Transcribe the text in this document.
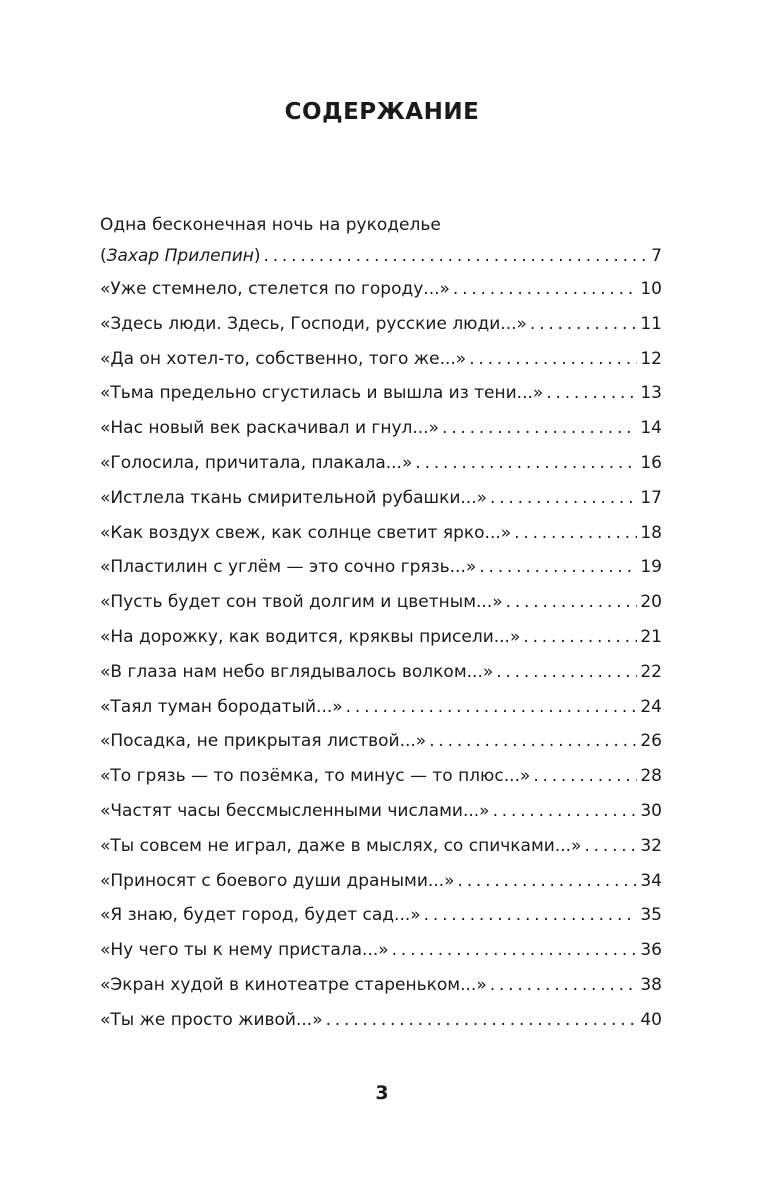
СОДЕРЖАНИЕ
Одна бесконечная ночь на рукоделье
(Захар Прилепин) . . .	7
«Уже стемнело, стелется по городу...» . . .	10
«Здесь люди. Здесь, Господи, русские люди...» . . .	11
«Да он хотел-то, собственно, того же...» . . .	12
«Тьма предельно сгустилась и вышла из тени...» . . .	13
«Нас новый век раскачивал и гнул...» . . .	14
«Голосила, причитала, плакала...» . . .	16
«Истлела ткань смирительной рубашки...» . . .	17
«Как воздух свеж, как солнце светит ярко...» . . .	18
«Пластилин с углём — это сочно грязь...» . . .	19
«Пусть будет сон твой долгим и цветным...» . . .	20
«На дорожку, как водится, кряквы присели...» . . .	21
«В глаза нам небо вглядывалось волком...» . . .	22
«Таял туман бородатый...» . . .	24
«Посадка, не прикрытая листвой...» . . .	26
«То грязь — то позёмка, то минус — то плюс...» . . .	28
«Частят часы бессмысленными числами...» . . .	30
«Ты совсем не играл, даже в мыслях, со спичками...» . . .	32
«Приносят с боевого души драными...» . . .	34
«Я знаю, будет город, будет сад...» . . .	35
«Ну чего ты к нему пристала...» . . .	36
«Экран худой в кинотеатре стареньком...» . . .	38
«Ты же просто живой...» . . .	40
3
